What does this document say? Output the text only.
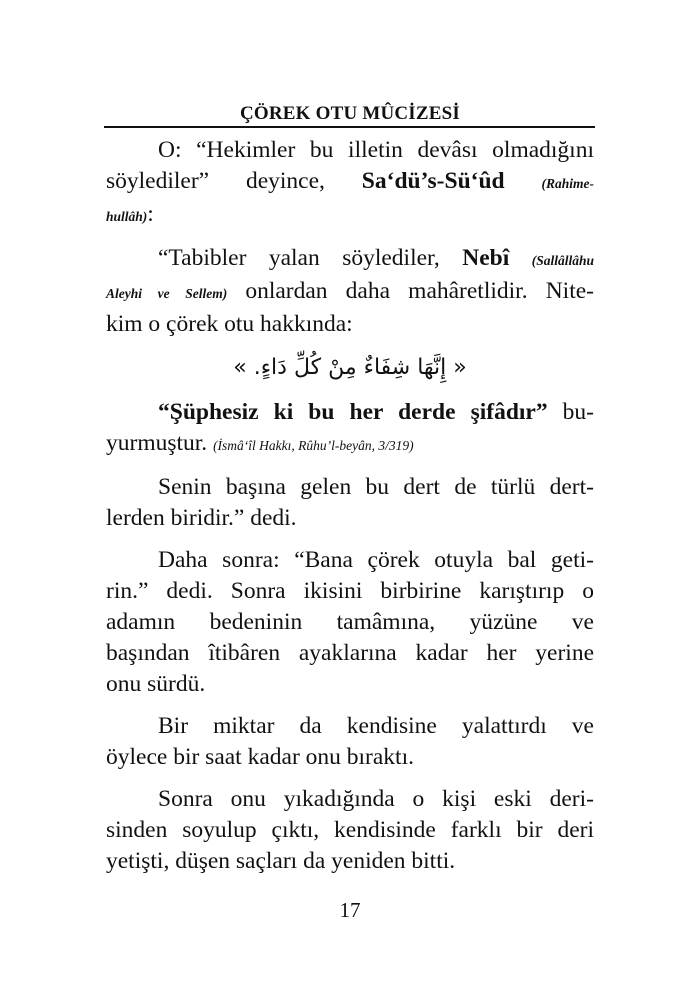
ÇÖREK OTU MÛCİZESİ
O: “Hekimler bu illetin devâsı olmadığını
söylediler” deyince, Sa‘dü’s-Sü‘ûd	(Rahime-
hullâh):
“Tabibler yalan söylediler, Nebî (Sallâllâhu
Aleyhi ve Sellem) onlardan daha mahâretlidir. Nite-
kim o çörek otu hakkında:
« إِنَّهَا شِفَاءٌ مِنْ كُلِّ دَاءٍ. »
“Şüphesiz ki bu her derde şifâdır” bu-
yurmuştur. (İsmâ‘îl Hakkı, Rûhu’l-beyân, 3/319)
Senin başına gelen bu dert de türlü dert-
lerden biridir.” dedi.
Daha sonra: “Bana çörek otuyla bal geti-
rin.” dedi. Sonra ikisini birbirine karıştırıp o
adamın bedeninin tamâmına, yüzüne ve
başından îtibâren ayaklarına kadar her yerine
onu sürdü.
Bir miktar da kendisine yalattırdı ve
öylece bir saat kadar onu bıraktı.
Sonra onu yıkadığında o kişi eski deri-
sinden soyulup çıktı, kendisinde farklı bir deri
yetişti, düşen saçları da yeniden bitti.
17
